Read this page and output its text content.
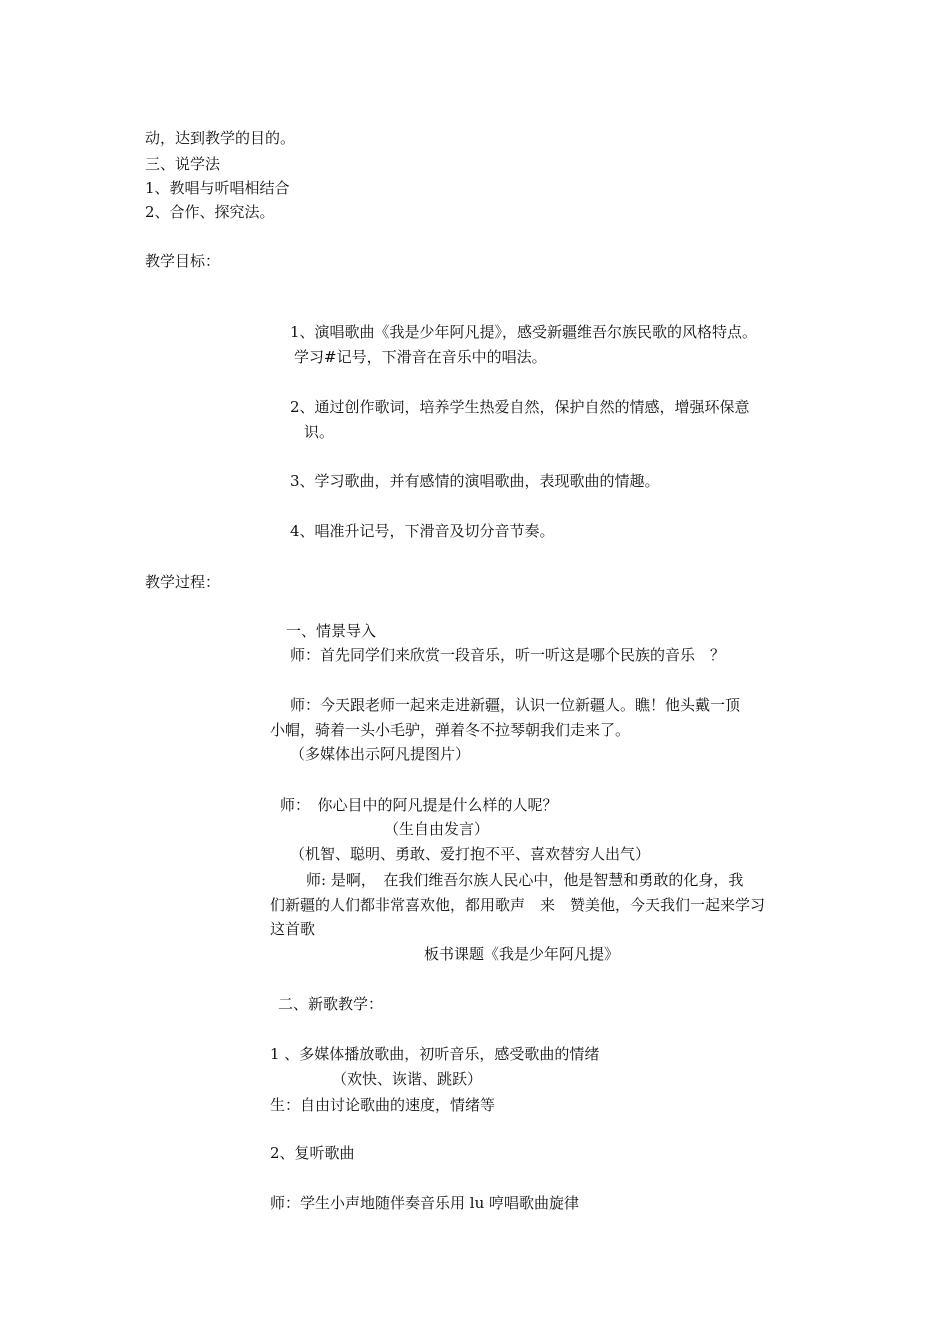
动，达到教学的目的。
三、说学法
1、教唱与听唱相结合
2、合作、探究法。
教学目标：
1、演唱歌曲《我是少年阿凡提》，感受新疆维吾尔族民歌的风格特点。
学习#记号，下滑音在音乐中的唱法。
2、通过创作歌词，培养学生热爱自然，保护自然的情感，增强环保意
识。
3、学习歌曲，并有感情的演唱歌曲，表现歌曲的情趣。
4、唱准升记号，下滑音及切分音节奏。
教学过程：
一、情景导入
师：首先同学们来欣赏一段音乐，听一听这是哪个民族的音乐　？
师：今天跟老师一起来走进新疆，认识一位新疆人。瞧！他头戴一顶
小帽，骑着一头小毛驴，弹着冬不拉琴朝我们走来了。
（多媒体出示阿凡提图片）
师：　你心目中的阿凡提是什么样的人呢？
（生自由发言）
（机智、聪明、勇敢、爱打抱不平、喜欢替穷人出气）
师: 是啊，　在我们维吾尔族人民心中，他是智慧和勇敢的化身，我
们新疆的人们都非常喜欢他，都用歌声　来　赞美他，今天我们一起来学习
这首歌
板书课题《我是少年阿凡提》
二、新歌教学：
1 、多媒体播放歌曲，初听音乐，感受歌曲的情绪
（欢快、诙谐、跳跃）
生：自由讨论歌曲的速度，情绪等
2、复听歌曲
师：学生小声地随伴奏音乐用 lu 哼唱歌曲旋律
